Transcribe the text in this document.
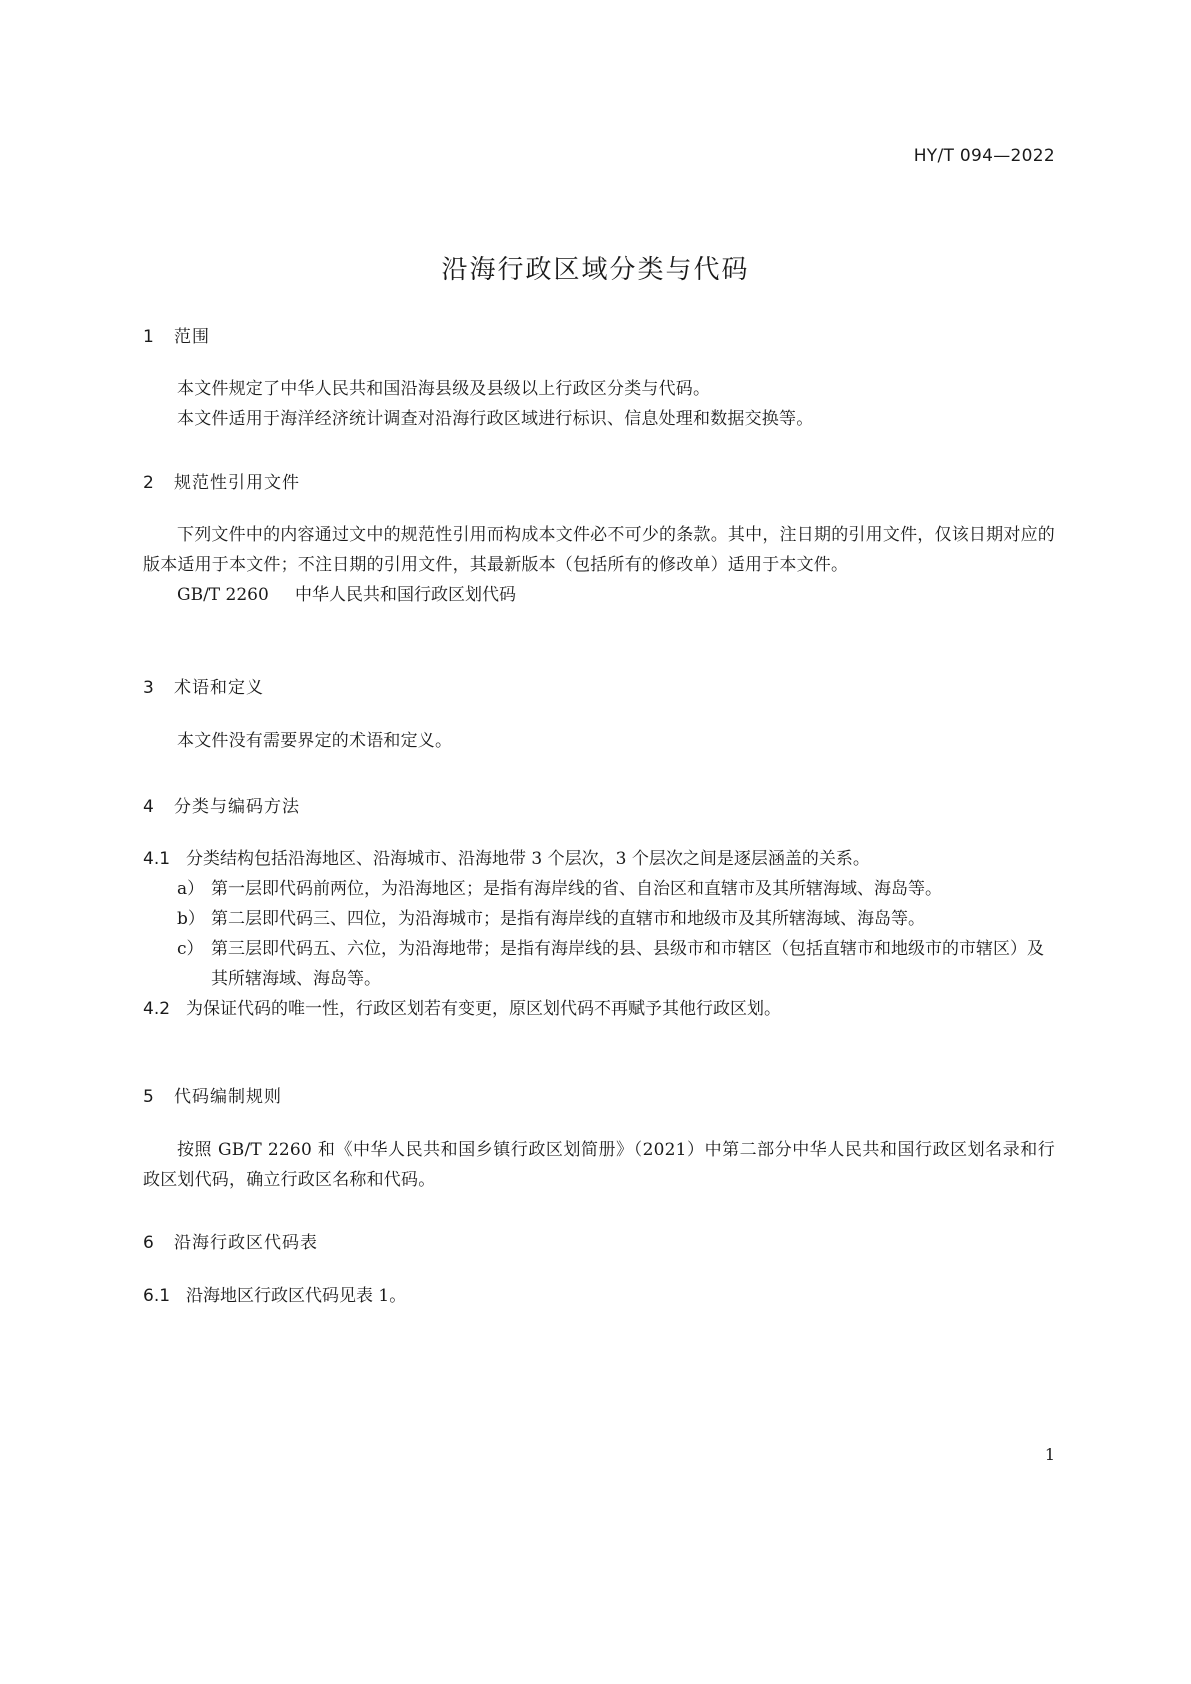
HY/T 094—2022
沿海行政区域分类与代码
1 范围

本文件规定了中华人民共和国沿海县级及县级以上行政区分类与代码。

本文件适用于海洋经济统计调查对沿海行政区域进行标识、信息处理和数据交换等。

2 规范性引用文件

下列文件中的内容通过文中的规范性引用而构成本文件必不可少的条款。其中，注日期的引用文件，仅该日期对应的版本适用于本文件；不注日期的引用文件，其最新版本（包括所有的修改单）适用于本文件。

GB/T 2260 中华人民共和国行政区划代码
3 术语和定义

本文件没有需要界定的术语和定义。

4 分类与编码方法
4.1 分类结构包括沿海地区、沿海城市、沿海地带 3 个层次，3 个层次之间是逐层涵盖的关系。
a） 第一层即代码前两位，为沿海地区；是指有海岸线的省、自治区和直辖市及其所辖海域、海岛等。
b） 第二层即代码三、四位，为沿海城市；是指有海岸线的直辖市和地级市及其所辖海域、海岛等。
c） 第三层即代码五、六位，为沿海地带；是指有海岸线的县、县级市和市辖区（包括直辖市和地级市的市辖区）及其所辖海域、海岛等。
4.2 为保证代码的唯一性，行政区划若有变更，原区划代码不再赋予其他行政区划。
5 代码编制规则

按照 GB/T 2260 和《中华人民共和国乡镇行政区划简册》（2021）中第二部分中华人民共和国行政区划名录和行政区划代码，确立行政区名称和代码。

6 沿海行政区代码表
6.1 沿海地区行政区代码见表 1。
1
